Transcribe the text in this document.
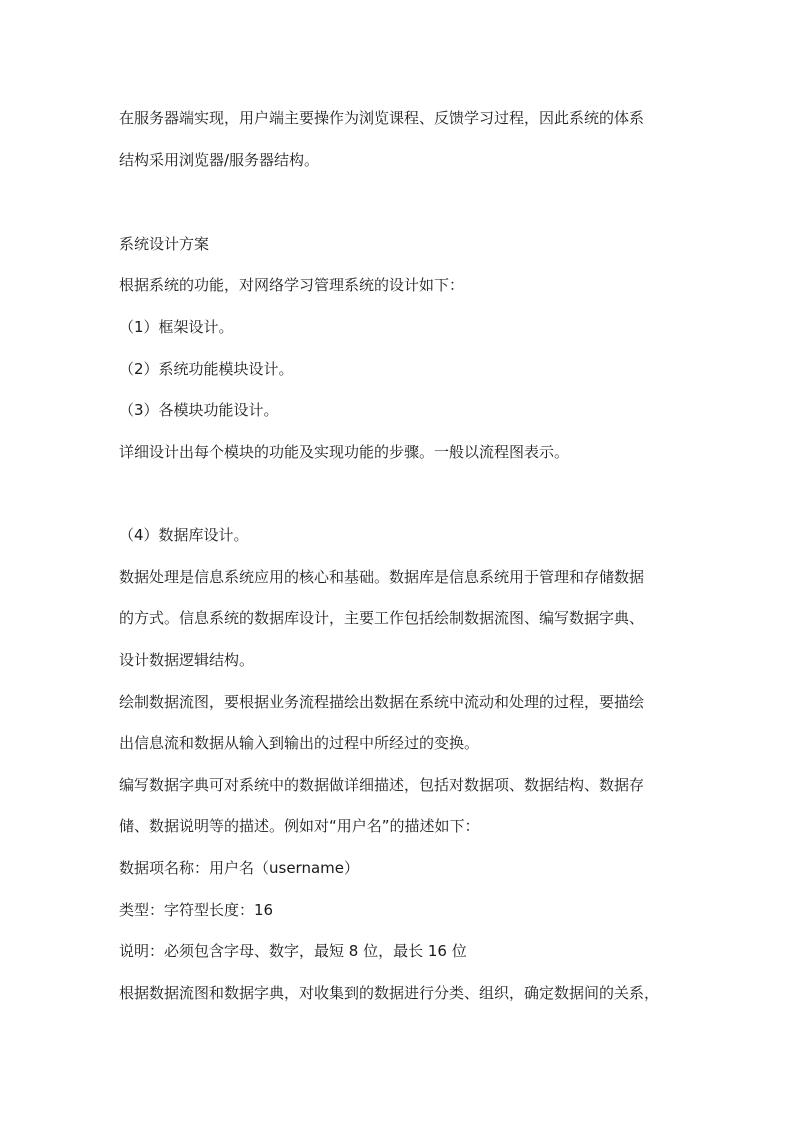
在服务器端实现，用户端主要操作为浏览课程、反馈学习过程，因此系统的体系
结构采用浏览器/服务器结构。
系统设计方案
根据系统的功能，对网络学习管理系统的设计如下：
（1）框架设计。
（2）系统功能模块设计。
（3）各模块功能设计。
详细设计出每个模块的功能及实现功能的步骤。一般以流程图表示。
（4）数据库设计。
数据处理是信息系统应用的核心和基础。数据库是信息系统用于管理和存储数据
的方式。信息系统的数据库设计，主要工作包括绘制数据流图、编写数据字典、
设计数据逻辑结构。
绘制数据流图，要根据业务流程描绘出数据在系统中流动和处理的过程，要描绘
出信息流和数据从输入到输出的过程中所经过的变换。
编写数据字典可对系统中的数据做详细描述，包括对数据项、数据结构、数据存
储、数据说明等的描述。例如对“用户名”的描述如下：
数据项名称：用户名（username）
类型：字符型长度：16
说明：必须包含字母、数字，最短 8 位，最长 16 位
根据数据流图和数据字典，对收集到的数据进行分类、组织，确定数据间的关系，
